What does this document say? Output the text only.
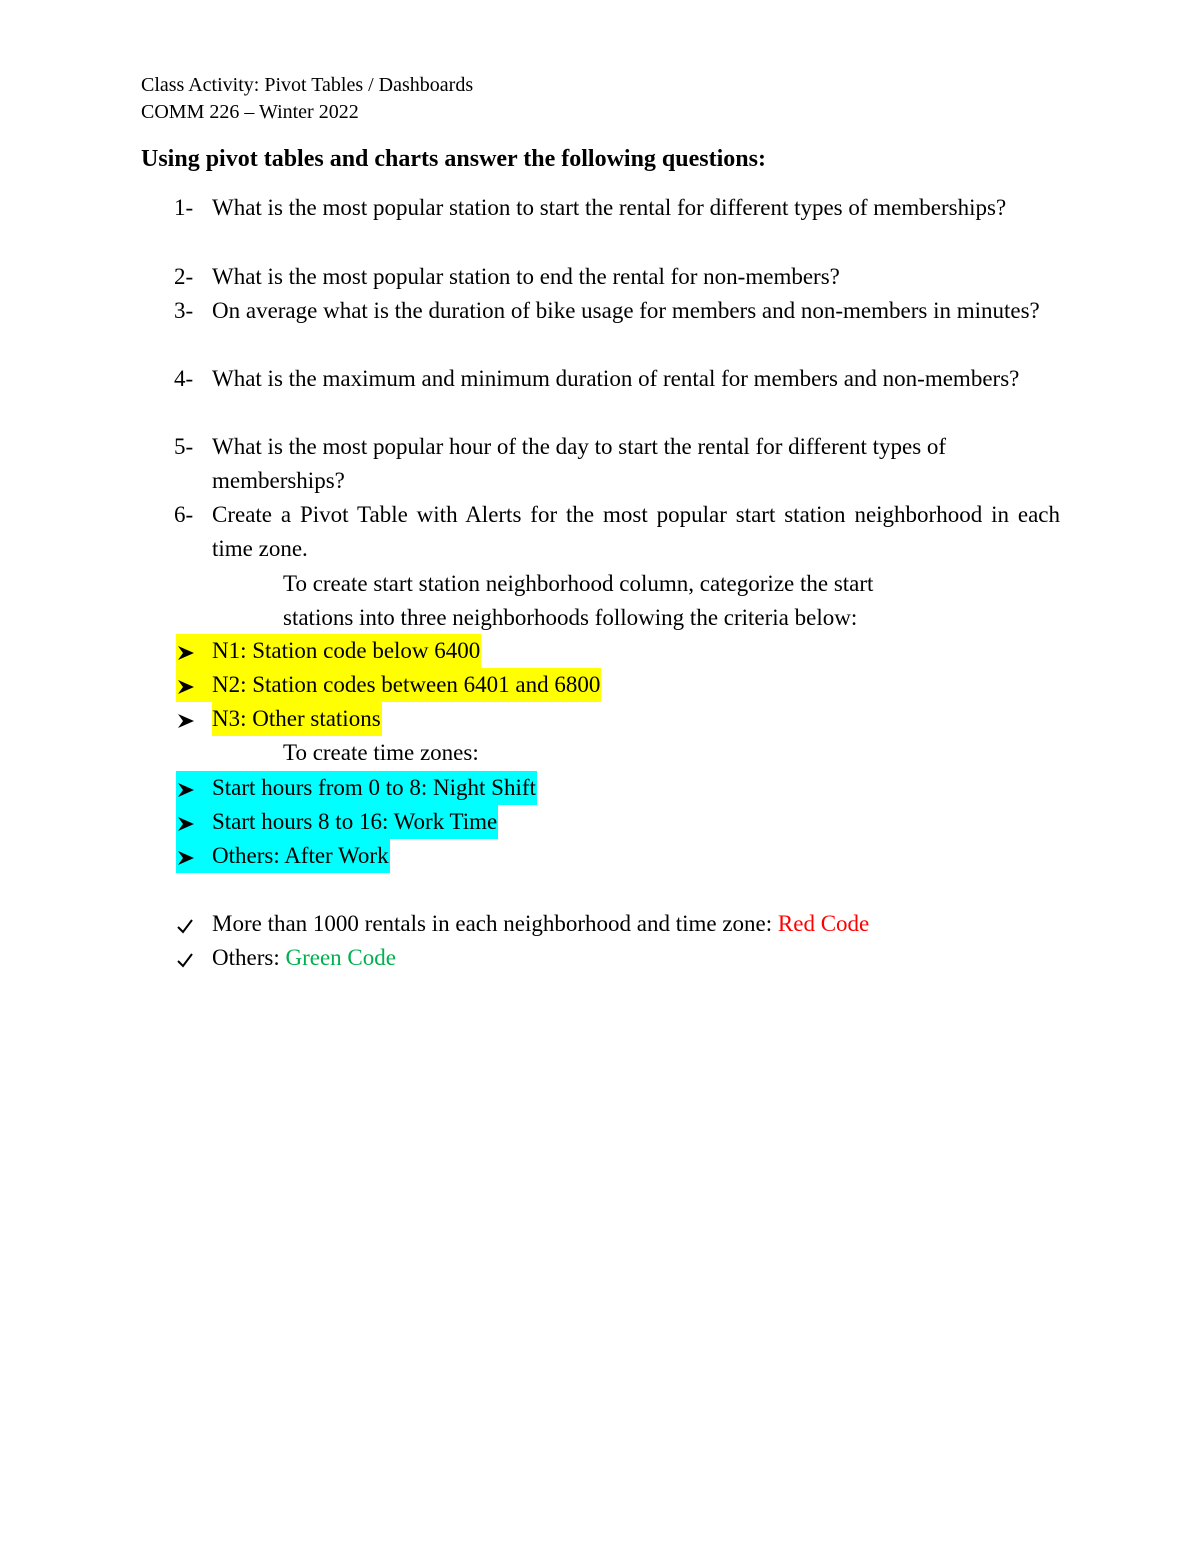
Class Activity: Pivot Tables / Dashboards
COMM 226 – Winter 2022
Using pivot tables and charts answer the following questions:
1- What is the most popular station to start the rental for different types of memberships?
2- What is the most popular station to end the rental for non-members?
3- On average what is the duration of bike usage for members and non-members in minutes?
4- What is the maximum and minimum duration of rental for members and non-members?
5- What is the most popular hour of the day to start the rental for different types of memberships?
6- Create a Pivot Table with Alerts for the most popular start station neighborhood in each time zone.
To create start station neighborhood column, categorize the start
stations into three neighborhoods following the criteria below:
N1: Station code below 6400
N2: Station codes between 6401 and 6800
N3: Other stations
To create time zones:
Start hours from 0 to 8: Night Shift
Start hours 8 to 16: Work Time
Others: After Work
More than 1000 rentals in each neighborhood and time zone: Red Code
Others: Green Code
